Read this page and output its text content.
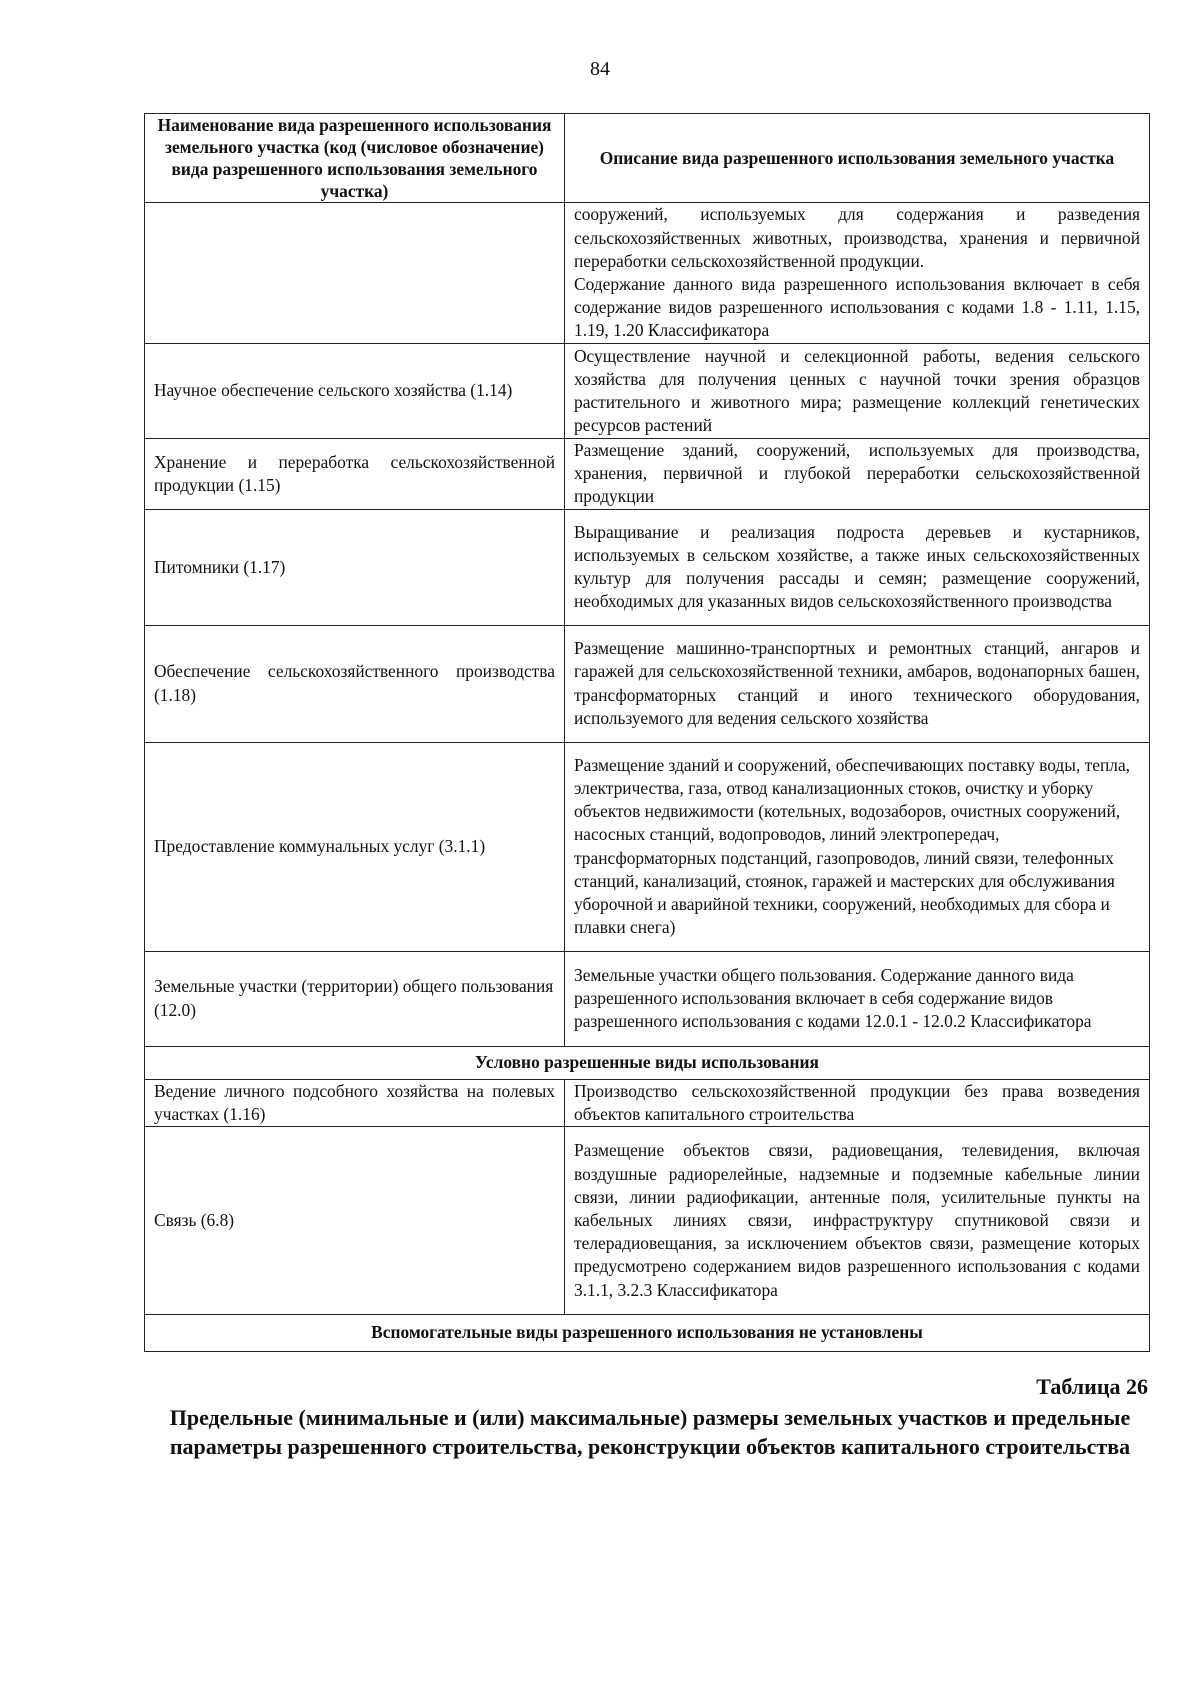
84
Наименование вида разрешенного использования земельного участка (код (числовое обозначение) вида разрешенного использования земельного участка)	Описание вида разрешенного использования земельного участка

	сооружений, используемых для содержания и разведения сельскохозяйственных животных, производства, хранения и первичной переработки сельскохозяйственной продукции.
Содержание данного вида разрешенного использования включает в себя содержание видов разрешенного использования с кодами 1.8 - 1.11, 1.15, 1.19, 1.20 Классификатора

Научное обеспечение сельского хозяйства (1.14)	Осуществление научной и селекционной работы, ведения сельского хозяйства для получения ценных с научной точки зрения образцов растительного и животного мира; размещение коллекций генетических ресурсов растений
Хранение и переработка сельскохозяйственной продукции (1.15)	Размещение зданий, сооружений, используемых для производства, хранения, первичной и глубокой переработки сельскохозяйственной продукции
Питомники (1.17)	Выращивание и реализация подроста деревьев и кустарников, используемых в сельском хозяйстве, а также иных сельскохозяйственных культур для получения рассады и семян; размещение сооружений, необходимых для указанных видов сельскохозяйственного производства
Обеспечение сельскохозяйственного производства (1.18)	Размещение машинно-транспортных и ремонтных станций, ангаров и гаражей для сельскохозяйственной техники, амбаров, водонапорных башен, трансформаторных станций и иного технического оборудования, используемого для ведения сельского хозяйства
Предоставление коммунальных услуг (3.1.1)	Размещение зданий и сооружений, обеспечивающих поставку воды, тепла, электричества, газа, отвод канализационных стоков, очистку и уборку объектов недвижимости (котельных, водозаборов, очистных сооружений, насосных станций, водопроводов, линий электропередач, трансформаторных подстанций, газопроводов, линий связи, телефонных станций, канализаций, стоянок, гаражей и мастерских для обслуживания уборочной и аварийной техники, сооружений, необходимых для сбора и плавки снега)
Земельные участки (территории) общего пользования (12.0)	Земельные участки общего пользования. Содержание данного вида разрешенного использования включает в себя содержание видов разрешенного использования с кодами 12.0.1 - 12.0.2 Классификатора
Условно разрешенные виды использования	
Ведение личного подсобного хозяйства на полевых участках (1.16)	Производство сельскохозяйственной продукции без права возведения объектов капитального строительства
Связь (6.8)	Размещение объектов связи, радиовещания, телевидения, включая воздушные радиорелейные, надземные и подземные кабельные линии связи, линии радиофикации, антенные поля, усилительные пункты на кабельных линиях связи, инфраструктуру спутниковой связи и телерадиовещания, за исключением объектов связи, размещение которых предусмотрено содержанием видов разрешенного использования с кодами 3.1.1, 3.2.3 Классификатора
Вспомогательные виды разрешенного использования не установлены	
Таблица 26
Предельные (минимальные и (или) максимальные) размеры земельных участков и предельные параметры разрешенного строительства, реконструкции объектов капитального строительства
